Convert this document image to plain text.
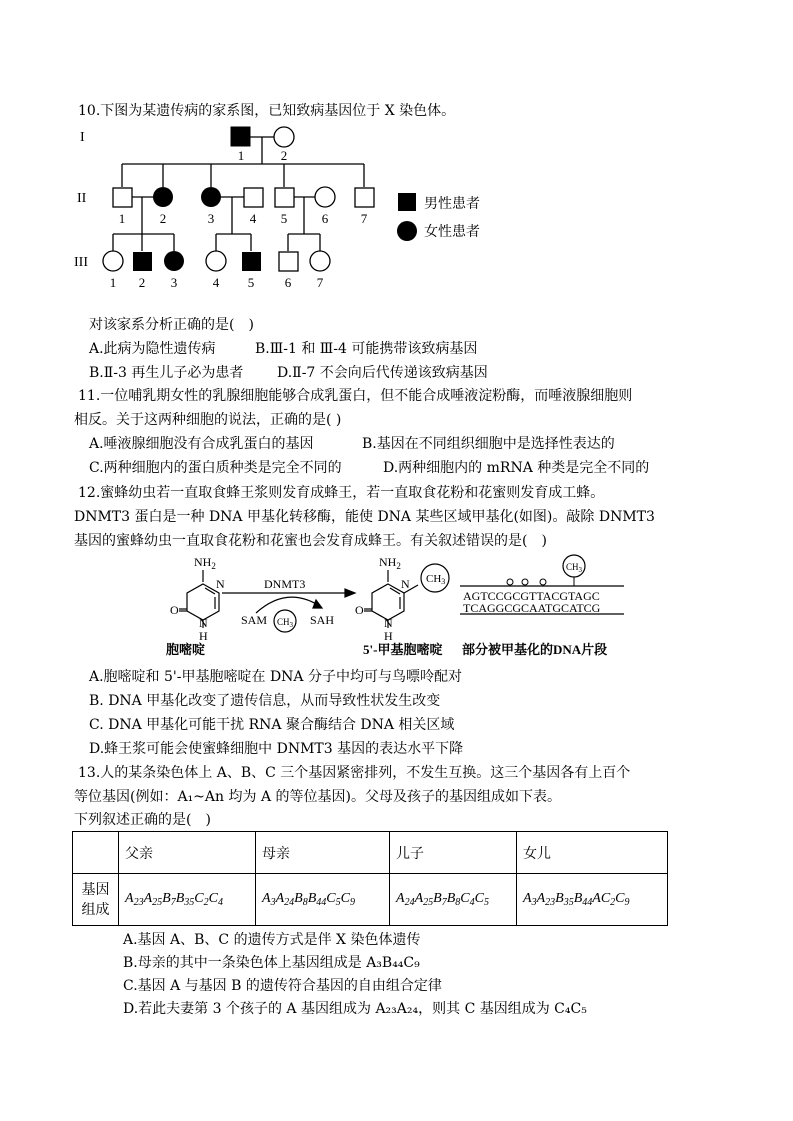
10.下图为某遗传病的家系图，已知致病基因位于 X 染色体。
男性患者
女性患者
I
II
III
1	2
1	2	3	4 5	6	7
1 2 3	4 5 6 7
对该家系分析正确的是(　)
A.此病为隐性遗传病	B.Ⅲ-1 和 Ⅲ-4 可能携带该致病基因
B.Ⅱ-3 再生儿子必为患者 D.Ⅱ-7 不会向后代传递该致病基因
11.一位哺乳期女性的乳腺细胞能够合成乳蛋白，但不能合成唾液淀粉酶，而唾液腺细胞则
相反。关于这两种细胞的说法，正确的是( )
A.唾液腺细胞没有合成乳蛋白的基因	B.基因在不同组织细胞中是选择性表达的
C.两种细胞内的蛋白质种类是完全不同的	D.两种细胞内的 mRNA 种类是完全不同的
12.蜜蜂幼虫若一直取食蜂王浆则发育成蜂王，若一直取食花粉和花蜜则发育成工蜂。
DNMT3 蛋白是一种 DNA 甲基化转移酶，能使 DNA 某些区域甲基化(如图)。敲除 DNMT3
基因的蜜蜂幼虫一直取食花粉和花蜜也会发育成蜂王。有关叙述错误的是(　)
$NH_2$
O
N
N
H
DNMT3
SAM	SAH
$NH_2$
O
N
N
H
$CH_3$
CH3
$CH_3$
AGTCCGCGTTACGTAGC
TCAGGCGCAATGCATCG
胞嘧啶	5'-甲基胞嘧啶 部分被甲基化的DNA片段
A.胞嘧啶和 5'-甲基胞嘧啶在 DNA 分子中均可与鸟嘌呤配对
B. DNA 甲基化改变了遗传信息，从而导致性状发生改变
C. DNA 甲基化可能干扰 RNA 聚合酶结合 DNA 相关区域
D.蜂王浆可能会使蜜蜂细胞中 DNMT3 基因的表达水平下降
13.人的某条染色体上 A、B、C 三个基因紧密排列，不发生互换。这三个基因各有上百个
等位基因(例如：A₁~An 均为 A 的等位基因)。父母及孩子的基因组成如下表。
下列叙述正确的是(　)
	父亲	母亲	儿子	女儿
基因组成	$A_{23}A_{25}B_7B_{35}C_2C_4$	$A_3A_{24}B_8B_{44}C_5C_9$	$A_{24}A_{25}B_7B_8C_4C_5$	$A_3A_{23}B_{35}B_{44}AC_2C_9$
A.基因 A、B、C 的遗传方式是伴 X 染色体遗传
B.母亲的其中一条染色体上基因组成是 A₃B₄₄C₉
C.基因 A 与基因 B 的遗传符合基因的自由组合定律
D.若此夫妻第 3 个孩子的 A 基因组成为 A₂₃A₂₄，则其 C 基因组成为 C₄C₅
